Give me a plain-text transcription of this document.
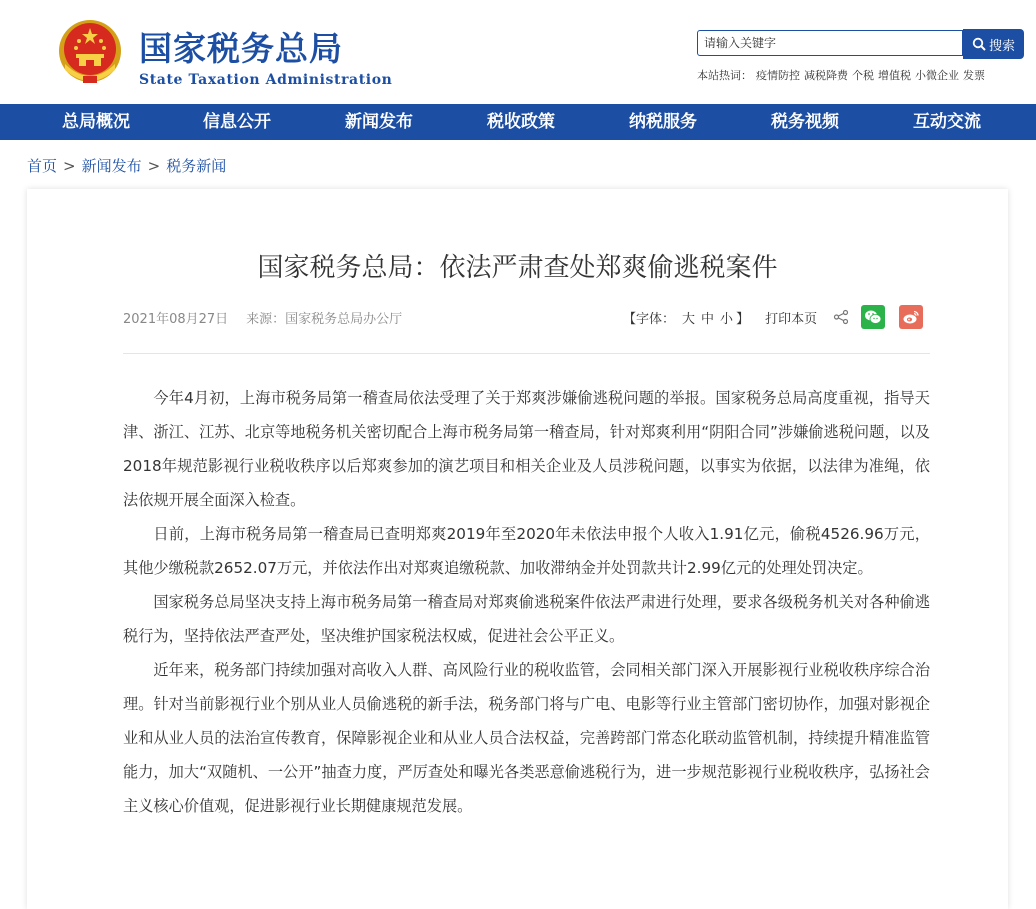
国家税务总局
State Taxation Administration
请输入关键字
搜索
本站热词： 疫情防控 减税降费 个税 增值税 小微企业 发票
总局概况	信息公开	新闻发布	税收政策	纳税服务	税务视频	互动交流
首页 > 新闻发布 > 税务新闻
国家税务总局：依法严肃查处郑爽偷逃税案件
2021年08月27日 来源：国家税务总局办公厅	【字体： 大 中 小 】 打印本页

今年4月初，上海市税务局第一稽查局依法受理了关于郑爽涉嫌偷逃税问题的举报。国家税务总局高度重视，指导天津、浙江、江苏、北京等地税务机关密切配合上海市税务局第一稽查局，针对郑爽利用“阴阳合同”涉嫌偷逃税问题，以及2018年规范影视行业税收秩序以后郑爽参加的演艺项目和相关企业及人员涉税问题，以事实为依据，以法律为准绳，依法依规开展全面深入检查。

日前，上海市税务局第一稽查局已查明郑爽2019年至2020年未依法申报个人收入1.91亿元，偷税4526.96万元，其他少缴税款2652.07万元，并依法作出对郑爽追缴税款、加收滞纳金并处罚款共计2.99亿元的处理处罚决定。

国家税务总局坚决支持上海市税务局第一稽查局对郑爽偷逃税案件依法严肃进行处理，要求各级税务机关对各种偷逃税行为，坚持依法严查严处，坚决维护国家税法权威，促进社会公平正义。

近年来，税务部门持续加强对高收入人群、高风险行业的税收监管，会同相关部门深入开展影视行业税收秩序综合治理。针对当前影视行业个别从业人员偷逃税的新手法，税务部门将与广电、电影等行业主管部门密切协作，加强对影视企业和从业人员的法治宣传教育，保障影视企业和从业人员合法权益，完善跨部门常态化联动监管机制，持续提升精准监管能力，加大“双随机、一公开”抽查力度，严厉查处和曝光各类恶意偷逃税行为，进一步规范影视行业税收秩序，弘扬社会主义核心价值观，促进影视行业长期健康规范发展。
